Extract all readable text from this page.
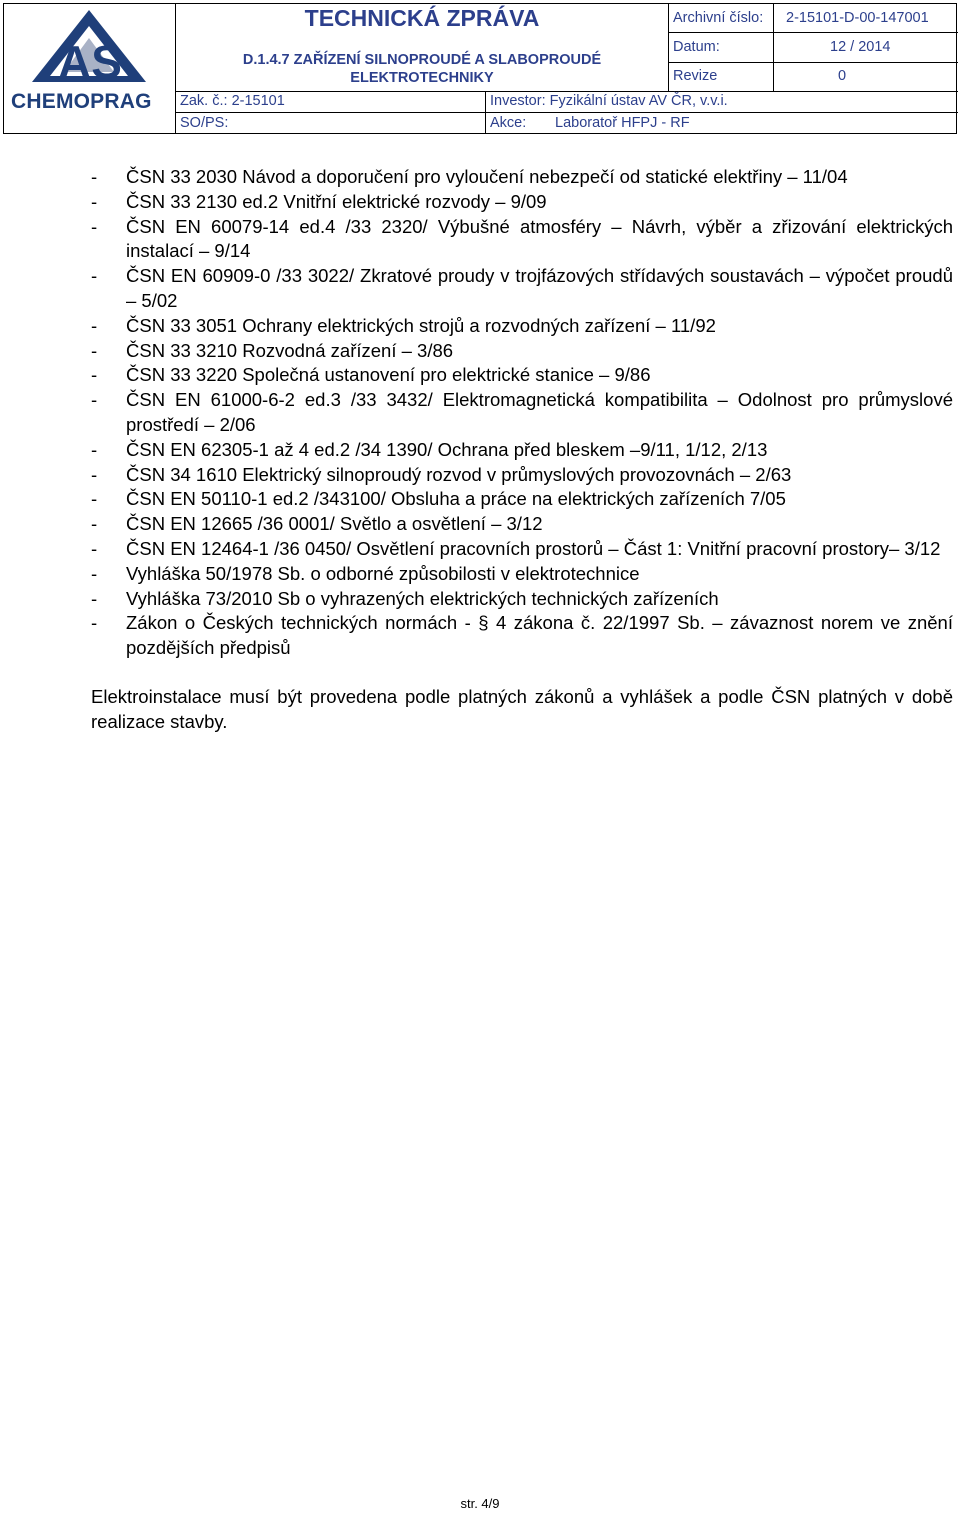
AS
CHEMOPRAG
TECHNICKÁ ZPRÁVA
D.1.4.7 ZAŘÍZENÍ SILNOPROUDÉ A SLABOPROUDÉ
ELEKTROTECHNIKY
Archivní číslo: 2-15101-D-00-147001
Datum:	12 / 2014
Revize	0
Zak. č.: 2-15101	Investor: Fyzikální ústav AV ČR, v.v.i.
SO/PS:	Akce: Laboratoř HFPJ - RF
- ČSN 33 2030 Návod a doporučení pro vyloučení nebezpečí od statické elektřiny – 11/04
- ČSN 33 2130 ed.2 Vnitřní elektrické rozvody – 9/09
- ČSN EN 60079-14 ed.4 /33 2320/ Výbušné atmosféry – Návrh, výběr a zřizování elektrických instalací – 9/14
- ČSN EN 60909-0 /33 3022/ Zkratové proudy v trojfázových střídavých soustavách – výpočet proudů – 5/02
- ČSN 33 3051 Ochrany elektrických strojů a rozvodných zařízení – 11/92
- ČSN 33 3210 Rozvodná zařízení – 3/86
- ČSN 33 3220 Společná ustanovení pro elektrické stanice – 9/86
- ČSN EN 61000-6-2 ed.3 /33 3432/ Elektromagnetická kompatibilita – Odolnost pro průmyslové prostředí – 2/06
- ČSN EN 62305-1 až 4 ed.2 /34 1390/ Ochrana před bleskem –9/11, 1/12, 2/13
- ČSN 34 1610 Elektrický silnoproudý rozvod v průmyslových provozovnách – 2/63
- ČSN EN 50110-1 ed.2 /343100/ Obsluha a práce na elektrických zařízeních 7/05
- ČSN EN 12665 /36 0001/ Světlo a osvětlení – 3/12
- ČSN EN 12464-1 /36 0450/ Osvětlení pracovních prostorů – Část 1: Vnitřní pracovní prostory– 3/12
- Vyhláška 50/1978 Sb. o odborné způsobilosti v elektrotechnice
- Vyhláška 73/2010 Sb o vyhrazených elektrických technických zařízeních
- Zákon o Českých technických normách - § 4 zákona č. 22/1997 Sb. – závaznost norem ve znění pozdějších předpisů
Elektroinstalace musí být provedena podle platných zákonů a vyhlášek a podle ČSN platných v době realizace stavby.
str. 4/9
